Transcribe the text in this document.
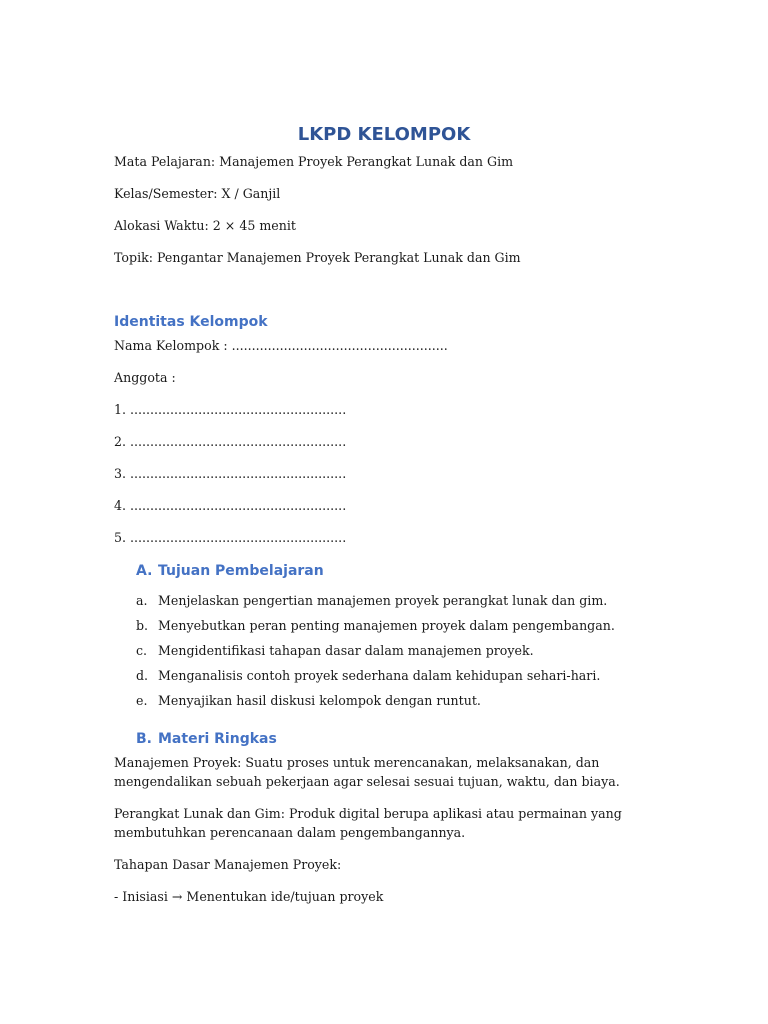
LKPD KELOMPOK
Mata Pelajaran: Manajemen Proyek Perangkat Lunak dan Gim
Kelas/Semester: X / Ganjil
Alokasi Waktu: 2 × 45 menit
Topik: Pengantar Manajemen Proyek Perangkat Lunak dan Gim
Identitas Kelompok
Nama Kelompok : ......................................................
Anggota :
1. ......................................................
2. ......................................................
3. ......................................................
4. ......................................................
5. ......................................................
A. Tujuan Pembelajaran
a. Menjelaskan pengertian manajemen proyek perangkat lunak dan gim.
b. Menyebutkan peran penting manajemen proyek dalam pengembangan.
c. Mengidentifikasi tahapan dasar dalam manajemen proyek.
d. Menganalisis contoh proyek sederhana dalam kehidupan sehari-hari.
e. Menyajikan hasil diskusi kelompok dengan runtut.
B. Materi Ringkas
Manajemen Proyek: Suatu proses untuk merencanakan, melaksanakan, dan mengendalikan sebuah pekerjaan agar selesai sesuai tujuan, waktu, dan biaya.
Perangkat Lunak dan Gim: Produk digital berupa aplikasi atau permainan yang membutuhkan perencanaan dalam pengembangannya.
Tahapan Dasar Manajemen Proyek:
- Inisiasi → Menentukan ide/tujuan proyek
